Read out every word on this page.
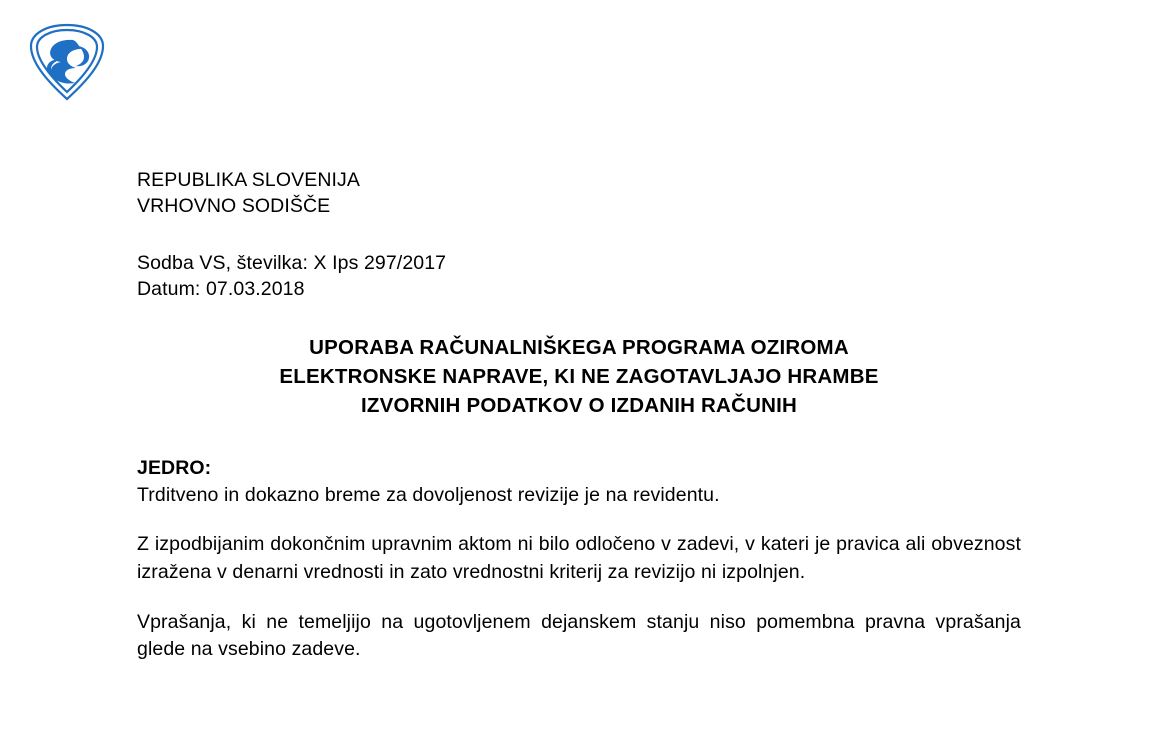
REPUBLIKA SLOVENIJA
VRHOVNO SODIŠČE
Sodba VS, številka: X Ips 297/2017
Datum: 07.03.2018
UPORABA RAČUNALNIŠKEGA PROGRAMA OZIROMA
ELEKTRONSKE NAPRAVE, KI NE ZAGOTAVLJAJO HRAMBE
IZVORNIH PODATKOV O IZDANIH RAČUNIH
JEDRO:
Trditveno in dokazno breme za dovoljenost revizije je na revidentu.
Z izpodbijanim dokončnim upravnim aktom ni bilo odločeno v zadevi, v kateri je pravica ali obveznost izražena v denarni vrednosti in zato vrednostni kriterij za revizijo ni izpolnjen.
Vprašanja, ki ne temeljijo na ugotovljenem dejanskem stanju niso pomembna pravna vprašanja glede na vsebino zadeve.
